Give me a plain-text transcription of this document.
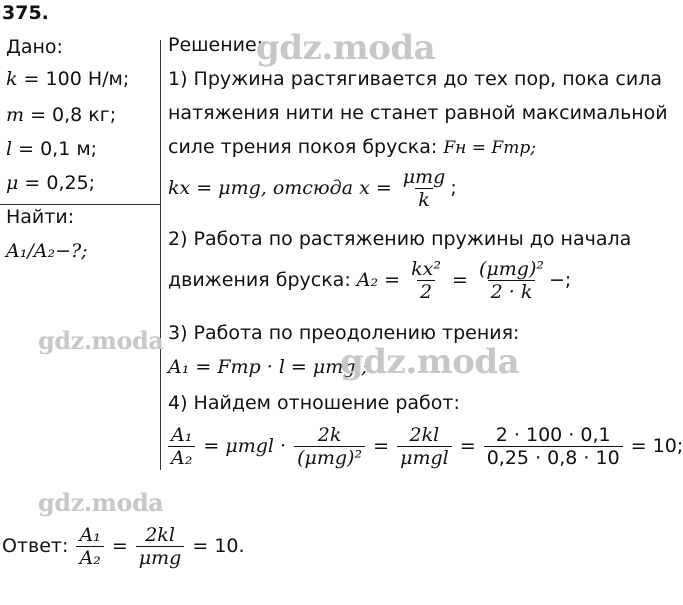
375.
Дано:
k = 100 Н/м;
m = 0,8 кг;
l = 0,1 м;
μ = 0,25;
Найти:
A₁/A₂−?;
Решение:
1) Пружина растягивается до тех пор, пока сила
натяжения нити не станет равной максимальной
силе трения покоя бруска: Fн = Fтр;
kx = μmg, отсюда $x = \frac{\text{μmg}}{k}$ ;
2) Работа по растяжению пружины до начала
движения бруска: $A_2 = \frac{\text{kx²}}{2} = \frac{\text{(μmg)²}}{2 \cdot k}$ −;
3) Работа по преодолению трения:
A₁ = Fтр · l = μmgl;
4) Найдем отношение работ:
$\frac{\text{A₁}}{\text{A₂}} = \mu mgl \cdot \frac{2k}{\text{(μmg)²}} = \frac{2kl}{\text{μmgl}} = \frac{2 \cdot 100 \cdot 0,1}{0,25 \cdot 0,8 \cdot 10} = 10$;
Ответ: $\frac{\text{A₁}}{\text{A₂}} = \frac{2kl}{\text{μmg}} = 10$.
gdz.moda
gdz.moda
gdz.moda
gdz.moda
